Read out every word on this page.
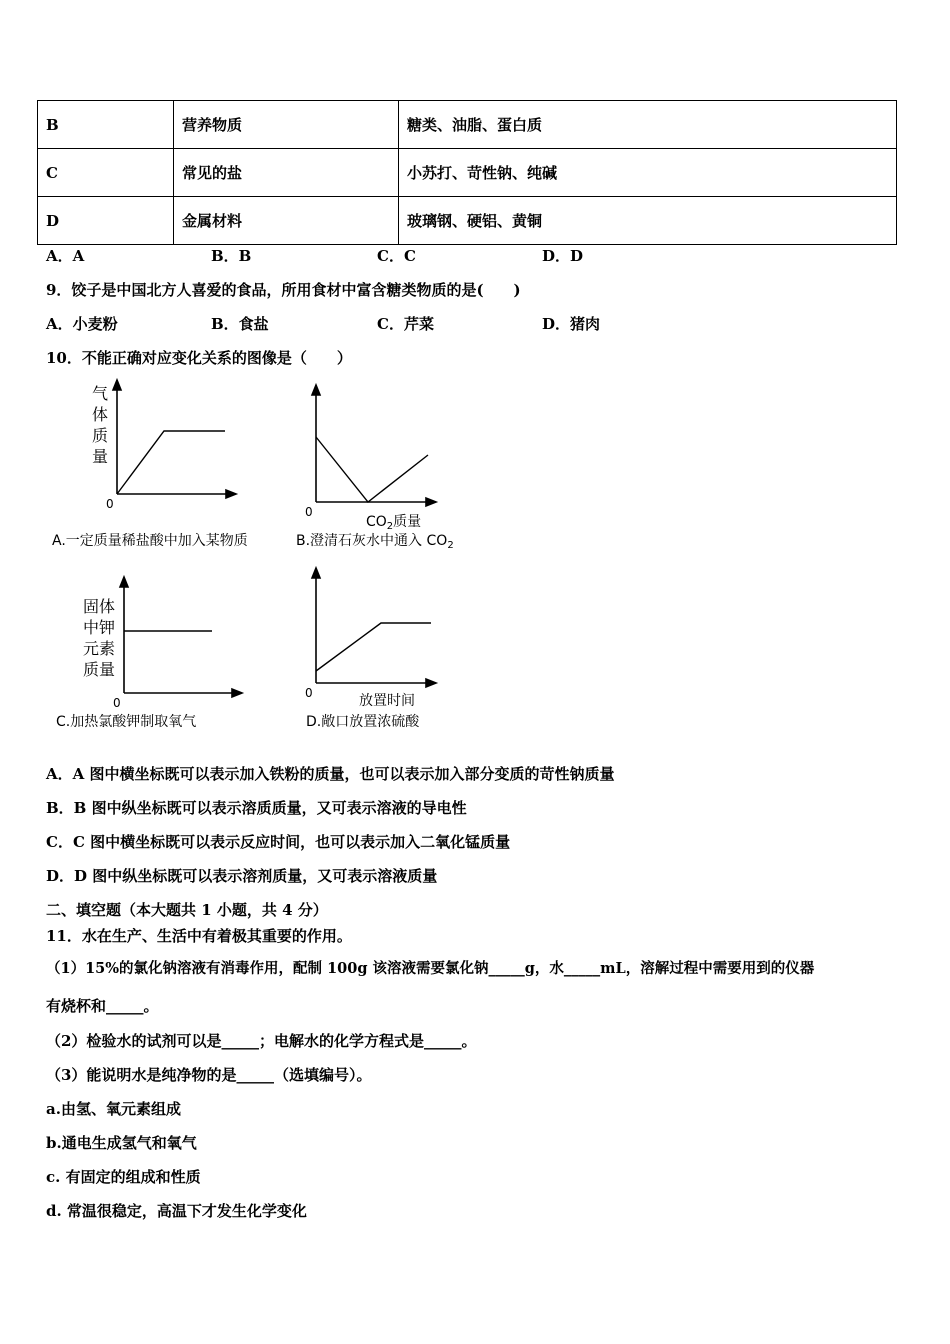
B	营养物质	糖类、油脂、蛋白质
C	常见的盐	小苏打、苛性钠、纯碱
D	金属材料	玻璃钢、硬铝、黄铜
A．A	B．B	C．C	D．D
9．饺子是中国北方人喜爱的食品，所用食材中富含糖类物质的是(　　)
A．小麦粉	B．食盐	C．芹菜	D．猪肉
10．不能正确对应变化关系的图像是（　　）
气体质量
0
A.一定质量稀盐酸中加入某物质
0
$CO_2$质量
B.澄清石灰水中通入 $CO_2$
固体中钾元素质量
0
C.加热氯酸钾制取氧气
0	放置时间
D.敞口放置浓硫酸
A．A 图中横坐标既可以表示加入铁粉的质量，也可以表示加入部分变质的苛性钠质量
B．B 图中纵坐标既可以表示溶质质量，又可表示溶液的导电性
C．C 图中横坐标既可以表示反应时间，也可以表示加入二氧化锰质量
D．D 图中纵坐标既可以表示溶剂质量，又可表示溶液质量
二、填空题（本大题共 1 小题，共 4 分）
11．水在生产、生活中有着极其重要的作用。
（1）15%的氯化钠溶液有消毒作用，配制 100g 该溶液需要氯化钠_____g，水_____mL，溶解过程中需要用到的仪器
有烧杯和_____。
（2）检验水的试剂可以是_____；电解水的化学方程式是_____。
（3）能说明水是纯净物的是_____（选填编号）。
a.由氢、氧元素组成
b.通电生成氢气和氧气
c. 有固定的组成和性质
d. 常温很稳定，高温下才发生化学变化
